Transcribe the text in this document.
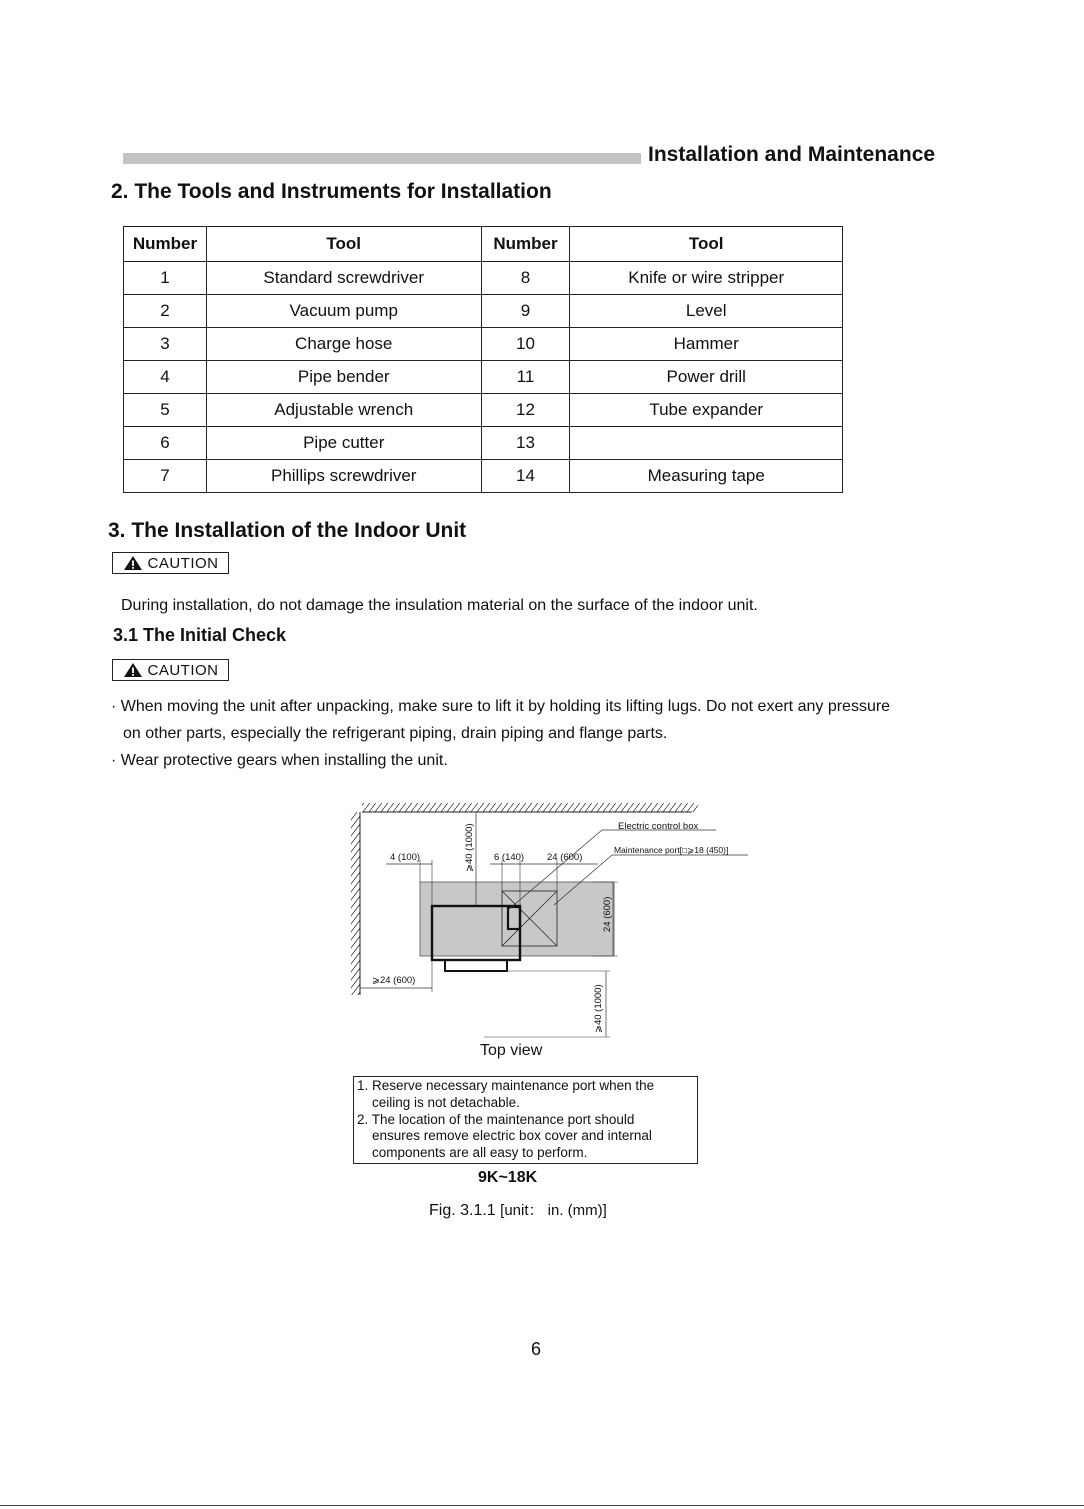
Installation and Maintenance
2. The Tools and Instruments for Installation
Number	Tool	Number	Tool
1	Standard screwdriver	8	Knife or wire stripper
2	Vacuum pump	9	Level
3	Charge hose	10	Hammer
4	Pipe bender	11	Power drill
5	Adjustable wrench	12	Tube expander
6	Pipe cutter	13	
7	Phillips screwdriver	14	Measuring tape
3. The Installation of the Indoor Unit
CAUTION
During installation, do not damage the insulation material on the surface of the indoor unit.
3.1 The Initial Check
CAUTION
· When moving the unit after unpacking, make sure to lift it by holding its lifting lugs. Do not exert any pressure
on other parts, especially the refrigerant piping, drain piping and flange parts.
· Wear protective gears when installing the unit.
Electric control box
Maintenance port[□⩾18 (450)]
4 (100)	6 (140) 24 (600)
⩾40 (1000)
24 (600)
⩾24 (600)
⩾40 (1000)
Top view
1. Reserve necessary maintenance port when the
ceiling is not detachable.
2. The location of the maintenance port should
ensures remove electric box cover and internal
components are all easy to perform.
9K~18K
Fig. 3.1.1 [unit： in. (mm)]
6
